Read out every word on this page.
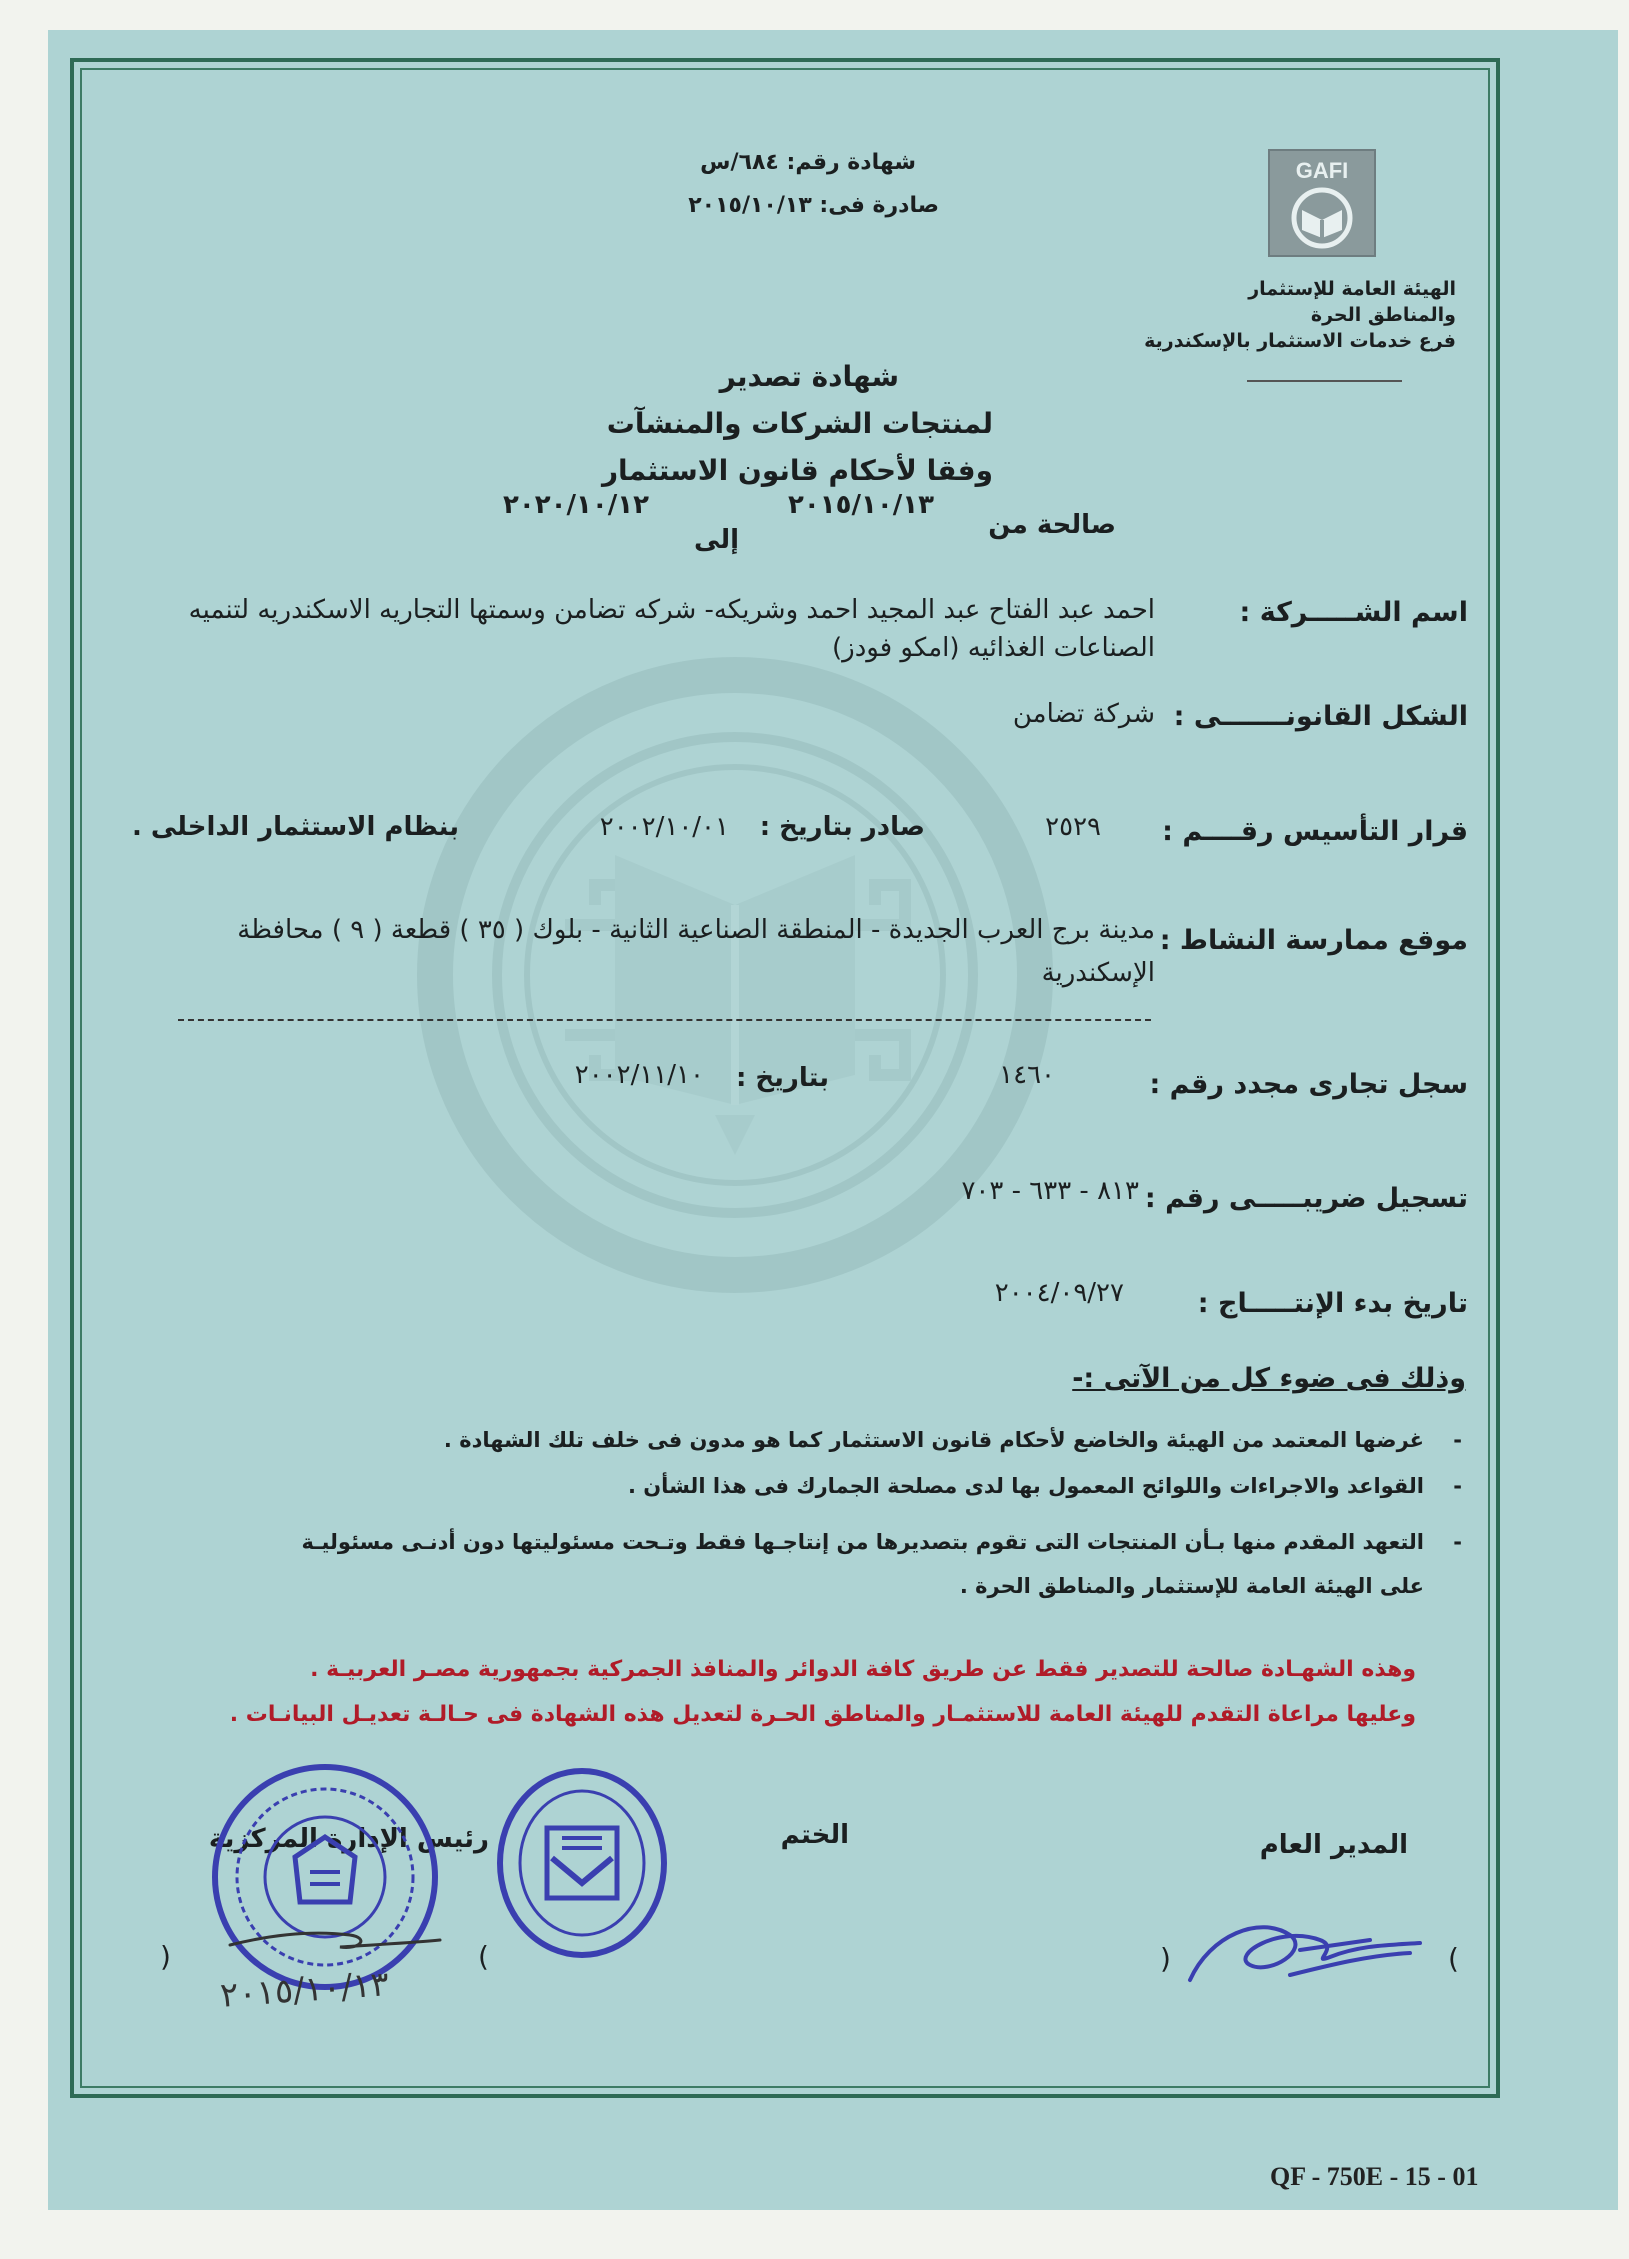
شهادة رقم: ٦٨٤/س
صادرة فى: ٢٠١٥/١٠/١٣
GAFI
الهيئة العامة للإستثمار
والمناطق الحرة
فرع خدمات الاستثمار بالإسكندرية
شهادة تصدير
لمنتجات الشركات والمنشآت
وفقا لأحكام قانون الاستثمار
صالحة من
٢٠١٥/١٠/١٣
إلى
٢٠٢٠/١٠/١٢
اسم الشـــــركة :
احمد عبد الفتاح عبد المجيد احمد وشريكه- شركه تضامن وسمتها التجاريه الاسكندريه لتنميه
الصناعات الغذائيه (امكو فودز)
الشكل القانونـــــــى :
شركة تضامن
قرار التأسيس رقــــم :
٢٥٢٩
صادر بتاريخ :
٢٠٠٢/١٠/٠١
بنظام الاستثمار الداخلى .
موقع ممارسة النشاط :
مدينة برج العرب الجديدة - المنطقة الصناعية الثانية - بلوك ( ٣٥ ) قطعة ( ٩ ) محافظة
الإسكندرية
سجل تجارى مجدد رقم :
١٤٦٠
بتاريخ :
٢٠٠٢/١١/١٠
تسجيل ضريبـــــى رقم :
٨١٣ - ٦٣٣ - ٧٠٣
تاريخ بدء الإنتـــــاج :
٢٠٠٤/٠٩/٢٧
وذلك فى ضوء كل من الآتى :-
-
غرضها المعتمد من الهيئة والخاضع لأحكام قانون الاستثمار كما هو مدون فى خلف تلك الشهادة .
-
القواعد والاجراءات واللوائح المعمول بها لدى مصلحة الجمارك فى هذا الشأن .
-
التعهد المقدم منها بـأن المنتجات التى تقوم بتصديرها من إنتاجـها فقط وتـحت مسئوليتها دون أدنـى مسئوليـة
على الهيئة العامة للإستثمار والمناطق الحرة .
وهذه الشهـادة صالحة للتصدير فقط عن طريق كافة الدوائر والمنافذ الجمركية بجمهورية مصـر العربيـة .
وعليها مراعاة التقدم للهيئة العامة للاستثمـار والمناطق الحـرة لتعديل هذه الشهادة فى حـالـة تعديـل البيانـات .
المدير العام
الختم
رئيس الإدارة المركزية
)
(
(	)
٢٠١٥/١٠/١٣
QF - 750E - 15 - 01
